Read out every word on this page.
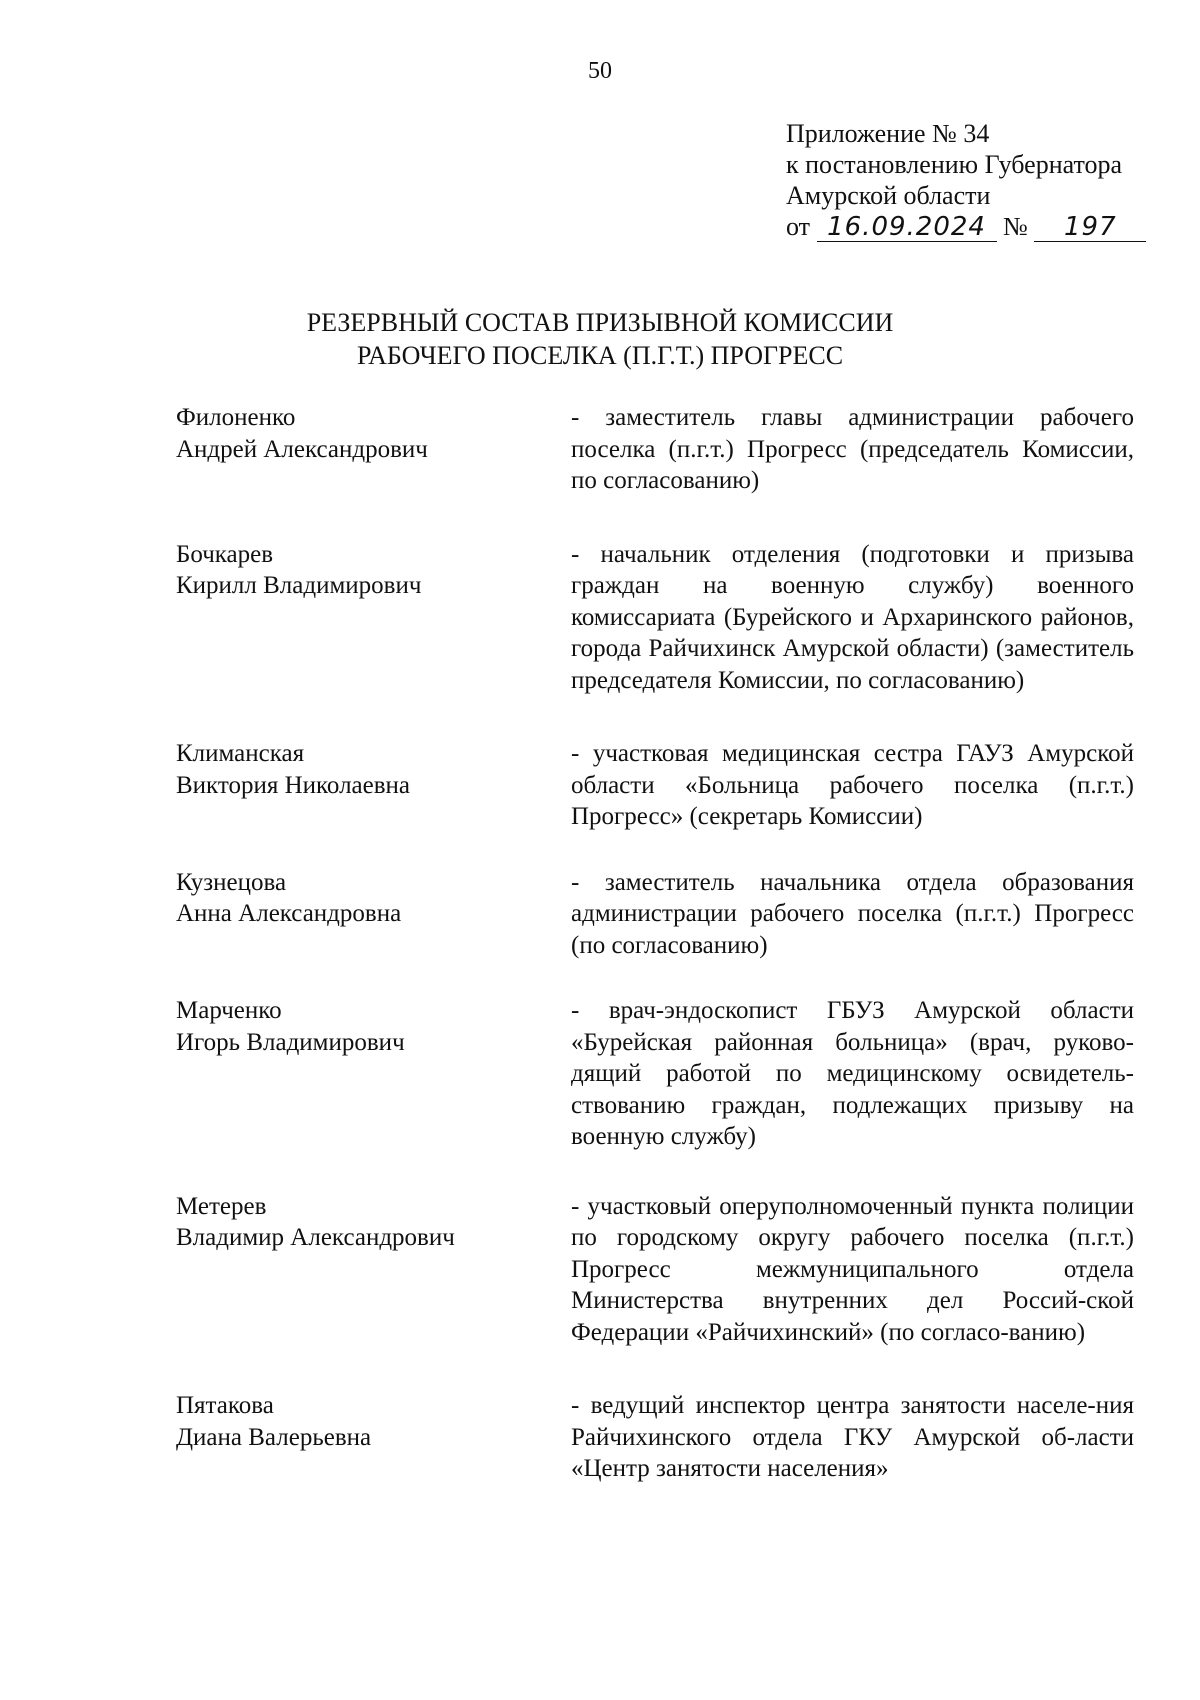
50
Приложение № 34
к постановлению Губернатора
Амурской области
от 16.09.2024 № 197
РЕЗЕРВНЫЙ СОСТАВ ПРИЗЫВНОЙ КОМИССИИ
РАБОЧЕГО ПОСЕЛКА (П.Г.Т.) ПРОГРЕСС
Филоненко
Андрей Александрович
- заместитель главы администрации рабочего поселка (п.г.т.) Прогресс (председатель Комиссии, по согласованию)
Бочкарев
Кирилл Владимирович
- начальник отделения (подготовки и призыва граждан на военную службу) военного комиссариата (Бурейского и Архаринского районов, города Райчихинск Амурской области) (заместитель председателя Комиссии, по согласованию)
Климанская
Виктория Николаевна
- участковая медицинская сестра ГАУЗ Амурской области «Больница рабочего поселка (п.г.т.) Прогресс» (секретарь Комиссии)
Кузнецова
Анна Александровна
- заместитель начальника отдела образования администрации рабочего поселка (п.г.т.) Прогресс (по согласованию)
Марченко
Игорь Владимирович
- врач-эндоскопист ГБУЗ Амурской области «Бурейская районная больница» (врач, руково-дящий работой по медицинскому освидетель-ствованию граждан, подлежащих призыву на военную службу)
Метерев
Владимир Александрович
- участковый оперуполномоченный пункта полиции по городскому округу рабочего поселка (п.г.т.) Прогресс межмуниципального отдела Министерства внутренних дел Россий-ской Федерации «Райчихинский» (по согласо-ванию)
Пятакова
Диана Валерьевна
- ведущий инспектор центра занятости населе-ния Райчихинского отдела ГКУ Амурской об-ласти «Центр занятости населения»
